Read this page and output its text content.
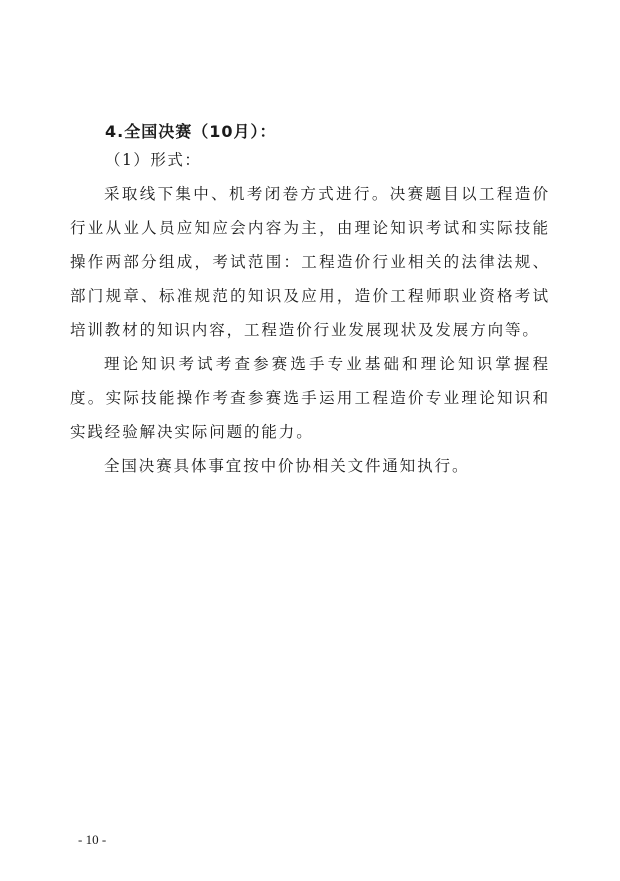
4.全国决赛（10月）：
（1）形式：

采取线下集中、机考闭卷方式进行。决赛题目以工程造价行业从业人员应知应会内容为主，由理论知识考试和实际技能操作两部分组成，考试范围：工程造价行业相关的法律法规、部门规章、标准规范的知识及应用，造价工程师职业资格考试培训教材的知识内容，工程造价行业发展现状及发展方向等。

理论知识考试考查参赛选手专业基础和理论知识掌握程度。实际技能操作考查参赛选手运用工程造价专业理论知识和实践经验解决实际问题的能力。

全国决赛具体事宜按中价协相关文件通知执行。

- 10 -
